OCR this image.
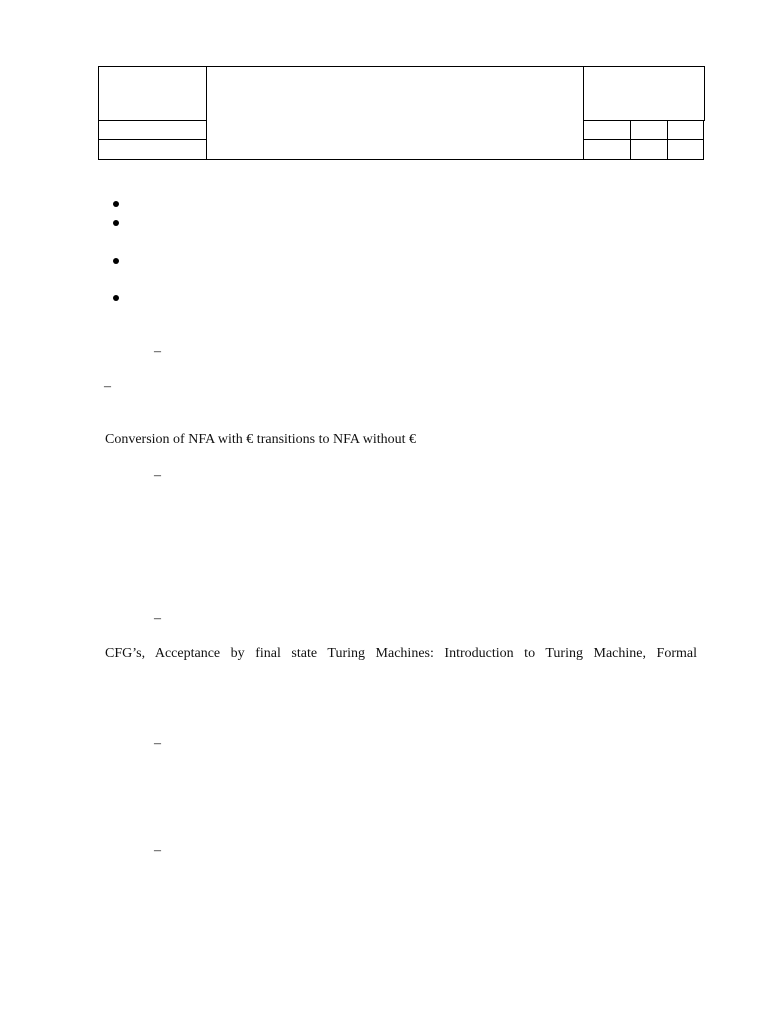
–
–
Conversion of NFA with € transitions to NFA without €
–
–
CFG’s, Acceptance by final state Turing Machines: Introduction to Turing Machine, Formal
–
–
